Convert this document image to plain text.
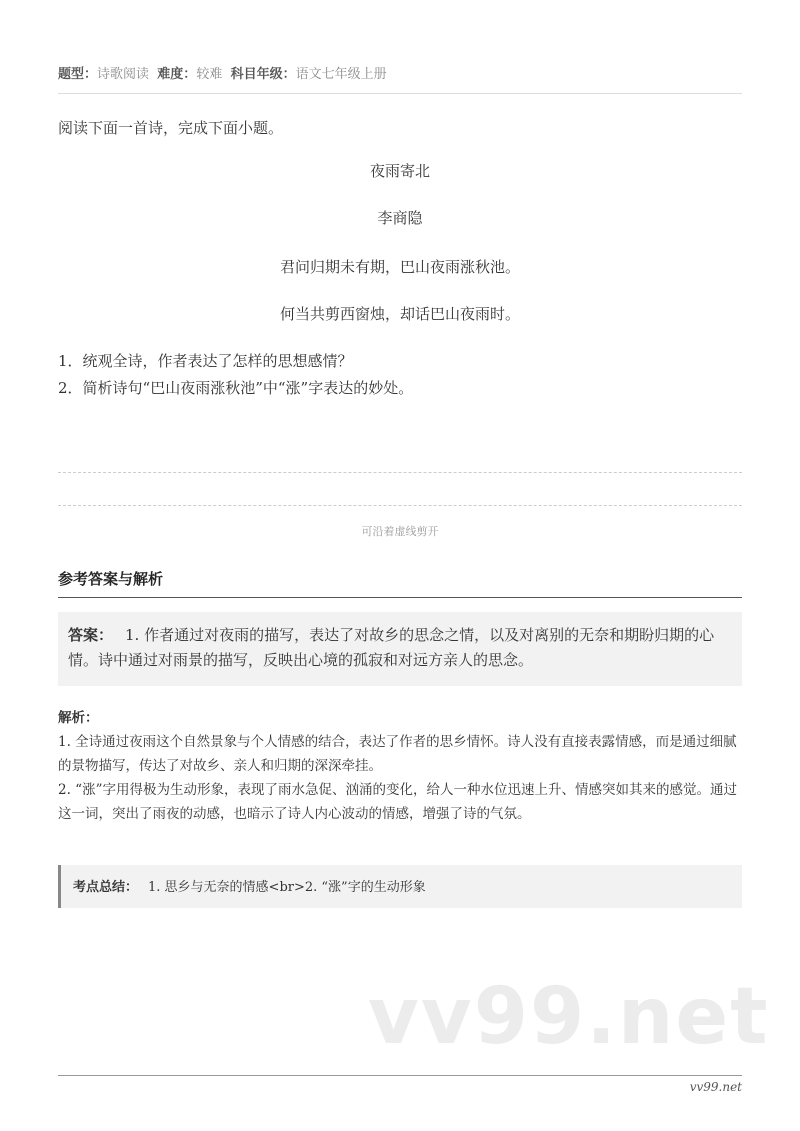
题型：诗歌阅读 难度：较难 科目年级：语文七年级上册
阅读下面一首诗，完成下面小题。
夜雨寄北
李商隐
君问归期未有期，巴山夜雨涨秋池。
何当共剪西窗烛，却话巴山夜雨时。
1．统观全诗，作者表达了怎样的思想感情？
2．简析诗句“巴山夜雨涨秋池”中“涨”字表达的妙处。
可沿着虚线剪开
参考答案与解析
答案： 1. 作者通过对夜雨的描写，表达了对故乡的思念之情，以及对离别的无奈和期盼归期的心情。诗中通过对雨景的描写，反映出心境的孤寂和对远方亲人的思念。
解析：
1. 全诗通过夜雨这个自然景象与个人情感的结合，表达了作者的思乡情怀。诗人没有直接表露情感，而是通过细腻的景物描写，传达了对故乡、亲人和归期的深深牵挂。
2. “涨”字用得极为生动形象，表现了雨水急促、汹涌的变化，给人一种水位迅速上升、情感突如其来的感觉。通过这一词，突出了雨夜的动感，也暗示了诗人内心波动的情感，增强了诗的气氛。
考点总结： 1. 思乡与无奈的情感<br>2. “涨”字的生动形象
vv99.net
vv99.net
